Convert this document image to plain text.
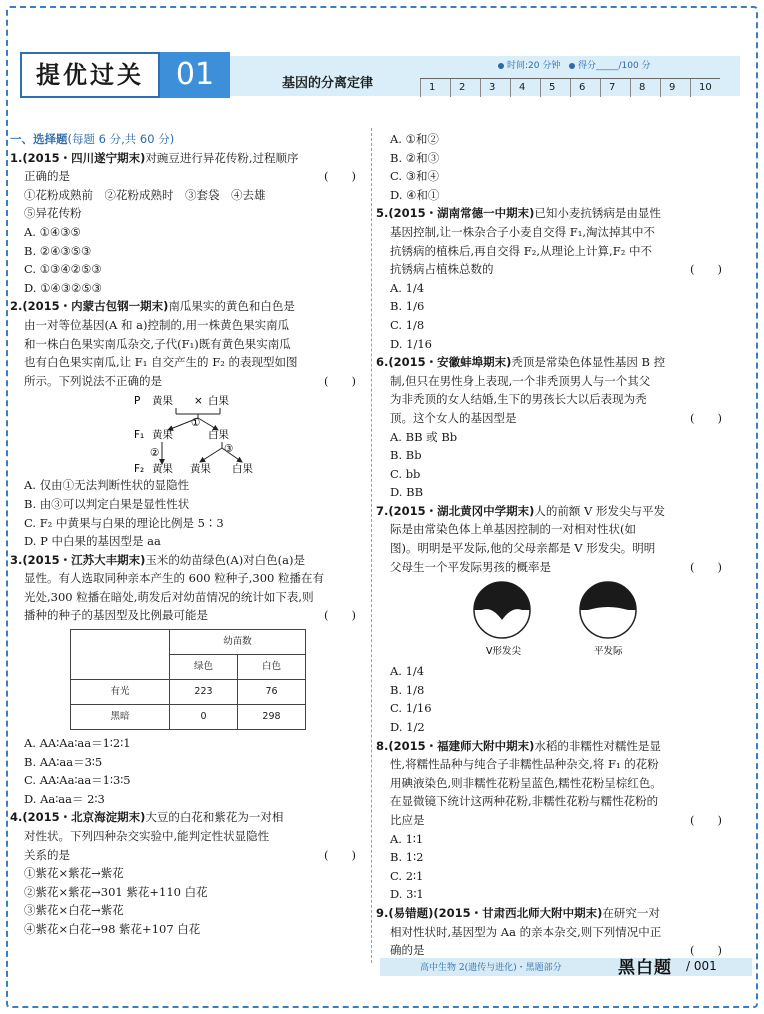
提优过关	01	基因的分离定律
时间:20 分钟 得分_____/100 分
1	2	3	4	5	6	7	8	9	10
一、选择题(每题 6 分,共 60 分)
1.(2015・四川遂宁期末)对豌豆进行异花传粉,过程顺序
正确的是	(　　)
①花粉成熟前　②花粉成熟时　③套袋　④去雄
⑤异花传粉
A. ①④③⑤
B. ②④③⑤③
C. ①③④②⑤③
D. ①④③②⑤③
2.(2015・内蒙古包钢一期末)南瓜果实的黄色和白色是
由一对等位基因(A 和 a)控制的,用一株黄色果实南瓜
和一株白色果实南瓜杂交,子代(F₁)既有黄色果实南瓜
也有白色果实南瓜,让 F₁ 自交产生的 F₂ 的表现型如图
所示。下列说法不正确的是	(　　)
P 黄果 × 白果
①
F₁ 黄果	白果
②	③
F₂ 黄果 黄果 白果
A. 仅由①无法判断性状的显隐性
B. 由③可以判定白果是显性性状
C. F₂ 中黄果与白果的理论比例是 5∶3
D. P 中白果的基因型是 aa
3.(2015・江苏大丰期末)玉米的幼苗绿色(A)对白色(a)是
显性。有人选取同种亲本产生的 600 粒种子,300 粒播在有
光处,300 粒播在暗处,萌发后对幼苗情况的统计如下表,则
播种的种子的基因型及比例最可能是	(　　)
	幼苗数	
	绿色	白色
有光	223	76
黑暗	0	298
A. AA∶Aa∶aa＝1∶2∶1
B. AA∶aa＝3∶5
C. AA∶Aa∶aa＝1∶3∶5
D. Aa∶aa＝ 2∶3
4.(2015・北京海淀期末)大豆的白花和紫花为一对相
对性状。下列四种杂交实验中,能判定性状显隐性
关系的是	(　　)
①紫花×紫花→紫花
②紫花×紫花→301 紫花+110 白花
③紫花×白花→紫花
④紫花×白花→98 紫花+107 白花
A. ①和②
B. ②和③
C. ③和④
D. ④和①
5.(2015・湖南常德一中期末)已知小麦抗锈病是由显性
基因控制,让一株杂合子小麦自交得 F₁,淘汰掉其中不
抗锈病的植株后,再自交得 F₂,从理论上计算,F₂ 中不
抗锈病占植株总数的	(　　)
A. 1/4
B. 1/6
C. 1/8
D. 1/16
6.(2015・安徽蚌埠期末)秃顶是常染色体显性基因 B 控
制,但只在男性身上表现,一个非秃顶男人与一个其父
为非秃顶的女人结婚,生下的男孩长大以后表现为秃
顶。这个女人的基因型是	(　　)
A. BB 或 Bb
B. Bb
C. bb
D. BB
7.(2015・湖北黄冈中学期末)人的前额 V 形发尖与平发
际是由常染色体上单基因控制的一对相对性状(如
图)。明明是平发际,他的父母亲都是 V 形发尖。明明
父母生一个平发际男孩的概率是	(　　)
V形发尖	平发际
A. 1/4
B. 1/8
C. 1/16
D. 1/2
8.(2015・福建师大附中期末)水稻的非糯性对糯性是显
性,将糯性品种与纯合子非糯性品种杂交,将 F₁ 的花粉
用碘液染色,则非糯性花粉呈蓝色,糯性花粉呈棕红色。
在显微镜下统计这两种花粉,非糯性花粉与糯性花粉的
比应是	(　　)
A. 1∶1
B. 1∶2
C. 2∶1
D. 3∶1
9.(易错题)(2015・甘肃西北师大附中期末)在研究一对
相对性状时,基因型为 Aa 的亲本杂交,则下列情况中正
确的是	(　　)
高中生物 2(遗传与进化)・黑题部分	黑白题 / 001
